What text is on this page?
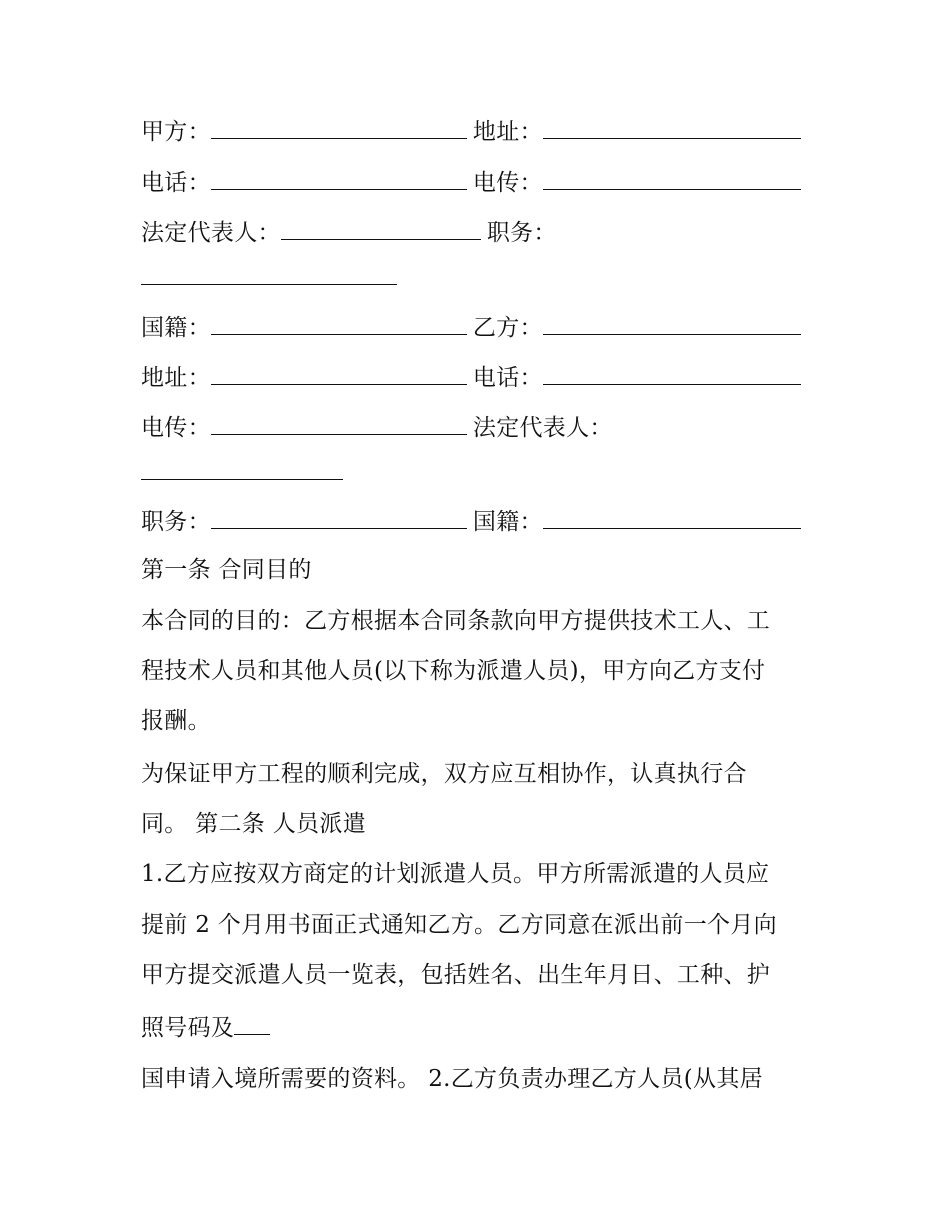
甲方：	地址：
电话：	电传：
法定代表人：	职务：
国籍：	乙方：
地址：	电话：
电传：	法定代表人：
职务：	国籍：
第一条 合同目的
本合同的目的：乙方根据本合同条款向甲方提供技术工人、工
程技术人员和其他人员(以下称为派遣人员)，甲方向乙方支付
报酬。
为保证甲方工程的顺利完成，双方应互相协作，认真执行合
同。 第二条 人员派遣
1.乙方应按双方商定的计划派遣人员。甲方所需派遣的人员应
提前 2 个月用书面正式通知乙方。乙方同意在派出前一个月向
甲方提交派遣人员一览表，包括姓名、出生年月日、工种、护
照号码及
国申请入境所需要的资料。 2.乙方负责办理乙方人员(从其居
